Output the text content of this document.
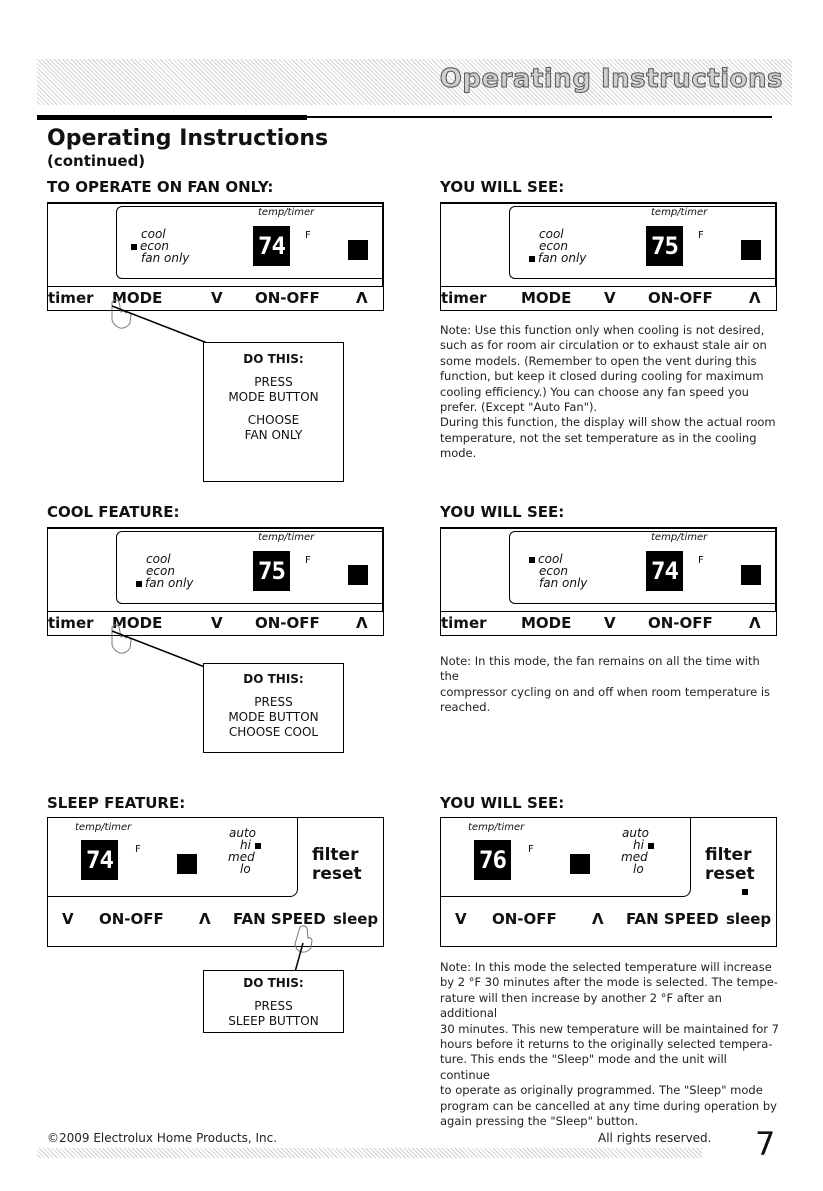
Operating Instructions
Operating Instructions
(continued)
TO OPERATE ON FAN ONLY:	YOU WILL SEE:
temp/timer
cool
econ
fan only	74	F
timer MODE	V ON-OFF Λ
DO THIS:
PRESS
MODE BUTTON
CHOOSE
FAN ONLY
temp/timer
cool
econ
fan only	75	F
timer MODE V ON-OFF Λ
Note: Use this function only when cooling is not desired,
such as for room air circulation or to exhaust stale air on
some models. (Remember to open the vent during this
function, but keep it closed during cooling for maximum
cooling efficiency.) You can choose any fan speed you
prefer. (Except "Auto Fan").
During this function, the display will show the actual room
temperature, not the set temperature as in the cooling
mode.
COOL FEATURE:	YOU WILL SEE:
temp/timer
cool
econ
fan only	75	F
timer MODE	V ON-OFF Λ
DO THIS:
PRESS
MODE BUTTON
CHOOSE COOL
temp/timer
cool
econ
fan only	74	F
timer MODE V ON-OFF Λ
Note: In this mode, the fan remains on all the time with the
compressor cycling on and off when room temperature is
reached.
SLEEP FEATURE:	YOU WILL SEE:
temp/timer
74	F
auto
hi
med
lo
filter
reset
V ON-OFF Λ FAN SPEED sleep
DO THIS:
PRESS
SLEEP BUTTON
temp/timer
76	F
auto
hi
med
lo
filter
reset
V ON-OFF Λ FAN SPEED sleep
Note: In this mode the selected temperature will increase
by 2 °F 30 minutes after the mode is selected. The tempe-
rature will then increase by another 2 °F after an additional
30 minutes. This new temperature will be maintained for 7
hours before it returns to the originally selected tempera-
ture. This ends the "Sleep" mode and the unit will continue
to operate as originally programmed. The "Sleep" mode
program can be cancelled at any time during operation by
again pressing the "Sleep" button.
©2009 Electrolux Home Products, Inc.	All rights reserved. 7
